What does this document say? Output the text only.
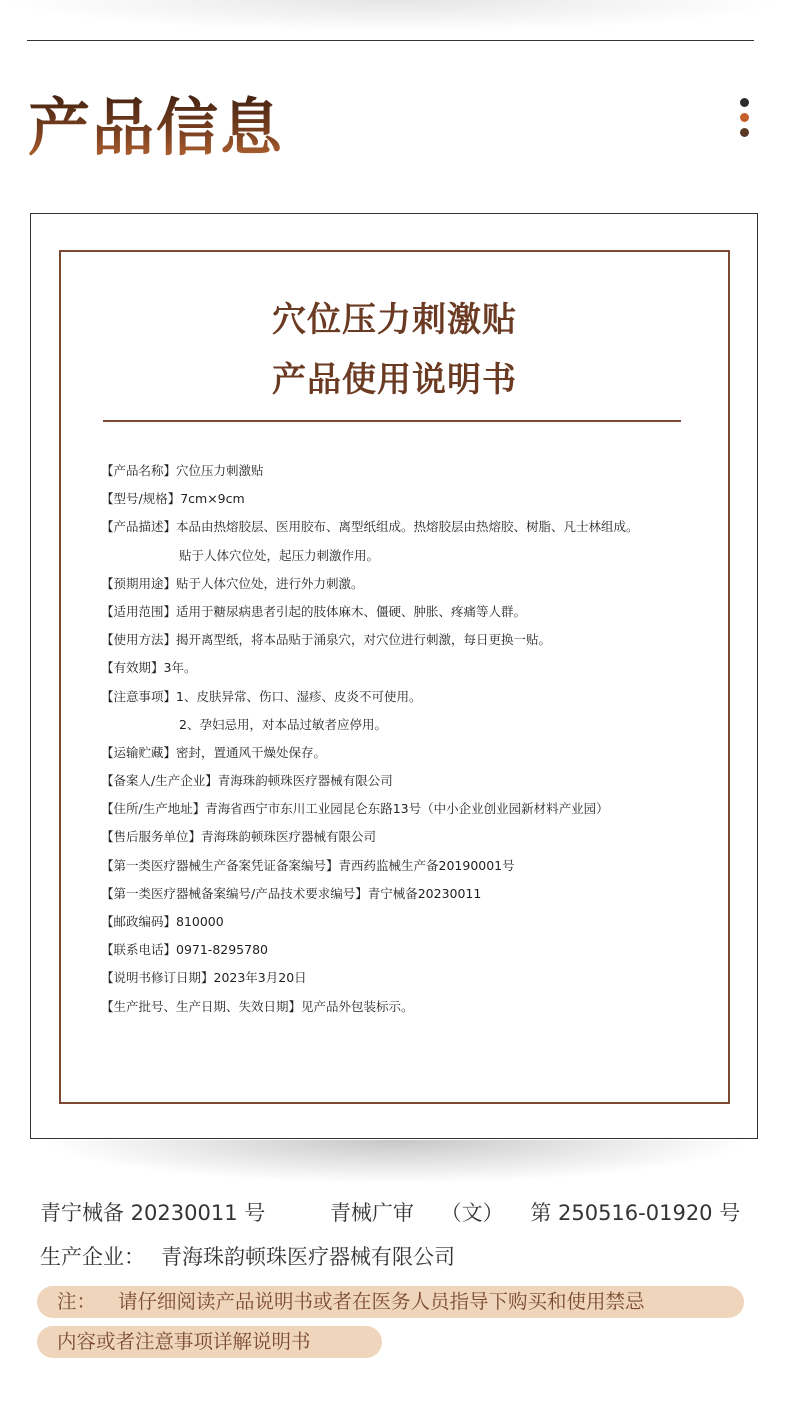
产品信息
穴位压力刺激贴
产品使用说明书
【产品名称】穴位压力刺激贴
【型号/规格】7cm×9cm
【产品描述】本品由热熔胶层、医用胶布、离型纸组成。热熔胶层由热熔胶、树脂、凡士林组成。
贴于人体穴位处，起压力刺激作用。
【预期用途】贴于人体穴位处，进行外力刺激。
【适用范围】适用于糖尿病患者引起的肢体麻木、僵硬、肿胀、疼痛等人群。
【使用方法】揭开离型纸，将本品贴于涌泉穴，对穴位进行刺激，每日更换一贴。
【有效期】3年。
【注意事项】1、皮肤异常、伤口、湿疹、皮炎不可使用。
2、孕妇忌用，对本品过敏者应停用。
【运输贮藏】密封，置通风干燥处保存。
【备案人/生产企业】青海珠韵顿珠医疗器械有限公司
【住所/生产地址】青海省西宁市东川工业园昆仑东路13号（中小企业创业园新材料产业园）
【售后服务单位】青海珠韵顿珠医疗器械有限公司
【第一类医疗器械生产备案凭证备案编号】青西药监械生产备20190001号
【第一类医疗器械备案编号/产品技术要求编号】青宁械备20230011
【邮政编码】810000
【联系电话】0971-8295780
【说明书修订日期】2023年3月20日
【生产批号、生产日期、失效日期】见产品外包装标示。
青宁械备 20230011 号	青械广审 （文） 第 250516-01920 号
生产企业： 青海珠韵顿珠医疗器械有限公司
注： 请仔细阅读产品说明书或者在医务人员指导下购买和使用禁忌
内容或者注意事项详解说明书
